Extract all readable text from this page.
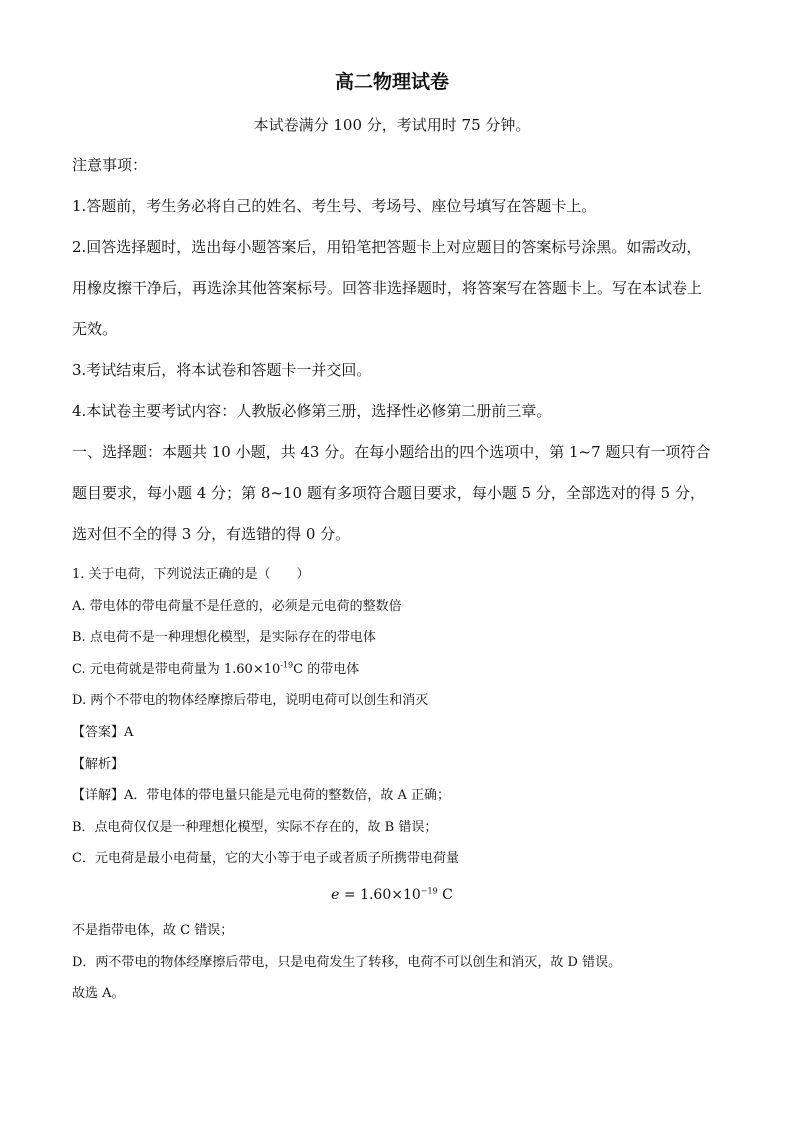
高二物理试卷
本试卷满分 100 分，考试用时 75 分钟。
注意事项：

1.答题前，考生务必将自己的姓名、考生号、考场号、座位号填写在答题卡上。

2.回答选择题时，选出每小题答案后，用铅笔把答题卡上对应题目的答案标号涂黑。如需改动，用橡皮擦干净后，再选涂其他答案标号。回答非选择题时，将答案写在答题卡上。写在本试卷上无效。

3.考试结束后，将本试卷和答题卡一并交回。

4.本试卷主要考试内容：人教版必修第三册，选择性必修第二册前三章。

一、选择题：本题共 10 小题，共 43 分。在每小题给出的四个选项中，第 1~7 题只有一项符合题目要求，每小题 4 分；第 8~10 题有多项符合题目要求，每小题 5 分，全部选对的得 5 分，选对但不全的得 3 分，有选错的得 0 分。

1. 关于电荷，下列说法正确的是（　　）

A. 带电体的带电荷量不是任意的，必须是元电荷的整数倍

B. 点电荷不是一种理想化模型，是实际存在的带电体

C. 元电荷就是带电荷量为 $1.60\times 10^{-19}C$ 的带电体

D. 两个不带电的物体经摩擦后带电，说明电荷可以创生和消灭

【答案】A

【解析】

【详解】A．带电体的带电量只能是元电荷的整数倍，故 A 正确；

B．点电荷仅仅是一种理想化模型，实际不存在的，故 B 错误；

C．元电荷是最小电荷量，它的大小等于电子或者质子所携带电荷量

$e = 1.60\times 10^{-19}$ C

不是指带电体，故 C 错误；

D．两不带电的物体经摩擦后带电，只是电荷发生了转移，电荷不可以创生和消灭，故 D 错误。

故选 A。
